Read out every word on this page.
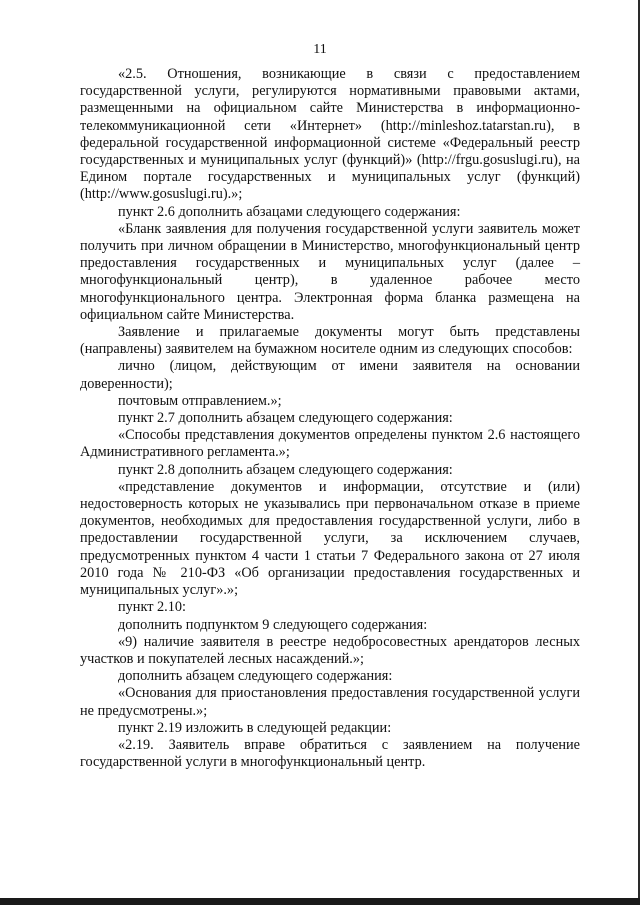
11

«2.5. Отношения, возникающие в связи с предоставлением государственной услуги, регулируются нормативными правовыми актами, размещенными на официальном сайте Министерства в информационно-телекоммуникационной сети «Интернет» (http://minleshoz.tatarstan.ru), в федеральной государственной информационной системе «Федеральный реестр государственных и муниципальных услуг (функций)» (http://frgu.gosuslugi.ru), на Едином портале государственных и муниципальных услуг (функций) (http://www.gosuslugi.ru).»;

пункт 2.6 дополнить абзацами следующего содержания:

«Бланк заявления для получения государственной услуги заявитель может получить при личном обращении в Министерство, многофункциональный центр предоставления государственных и муниципальных услуг (далее – многофункциональный центр), в удаленное рабочее место многофункционального центра. Электронная форма бланка размещена на официальном сайте Министерства.

Заявление и прилагаемые документы могут быть представлены (направлены) заявителем на бумажном носителе одним из следующих способов:

лично (лицом, действующим от имени заявителя на основании доверенности);

почтовым отправлением.»;

пункт 2.7 дополнить абзацем следующего содержания:

«Способы представления документов определены пунктом 2.6 настоящего Административного регламента.»;

пункт 2.8 дополнить абзацем следующего содержания:

«представление документов и информации, отсутствие и (или) недостоверность которых не указывались при первоначальном отказе в приеме документов, необходимых для предоставления государственной услуги, либо в предоставлении государственной услуги, за исключением случаев, предусмотренных пунктом 4 части 1 статьи 7 Федерального закона от 27 июля 2010 года № 210-ФЗ «Об организации предоставления государственных и муниципальных услуг».»;

пункт 2.10:

дополнить подпунктом 9 следующего содержания:

«9) наличие заявителя в реестре недобросовестных арендаторов лесных участков и покупателей лесных насаждений.»;

дополнить абзацем следующего содержания:

«Основания для приостановления предоставления государственной услуги не предусмотрены.»;

пункт 2.19 изложить в следующей редакции:

«2.19. Заявитель вправе обратиться с заявлением на получение государственной услуги в многофункциональный центр.
